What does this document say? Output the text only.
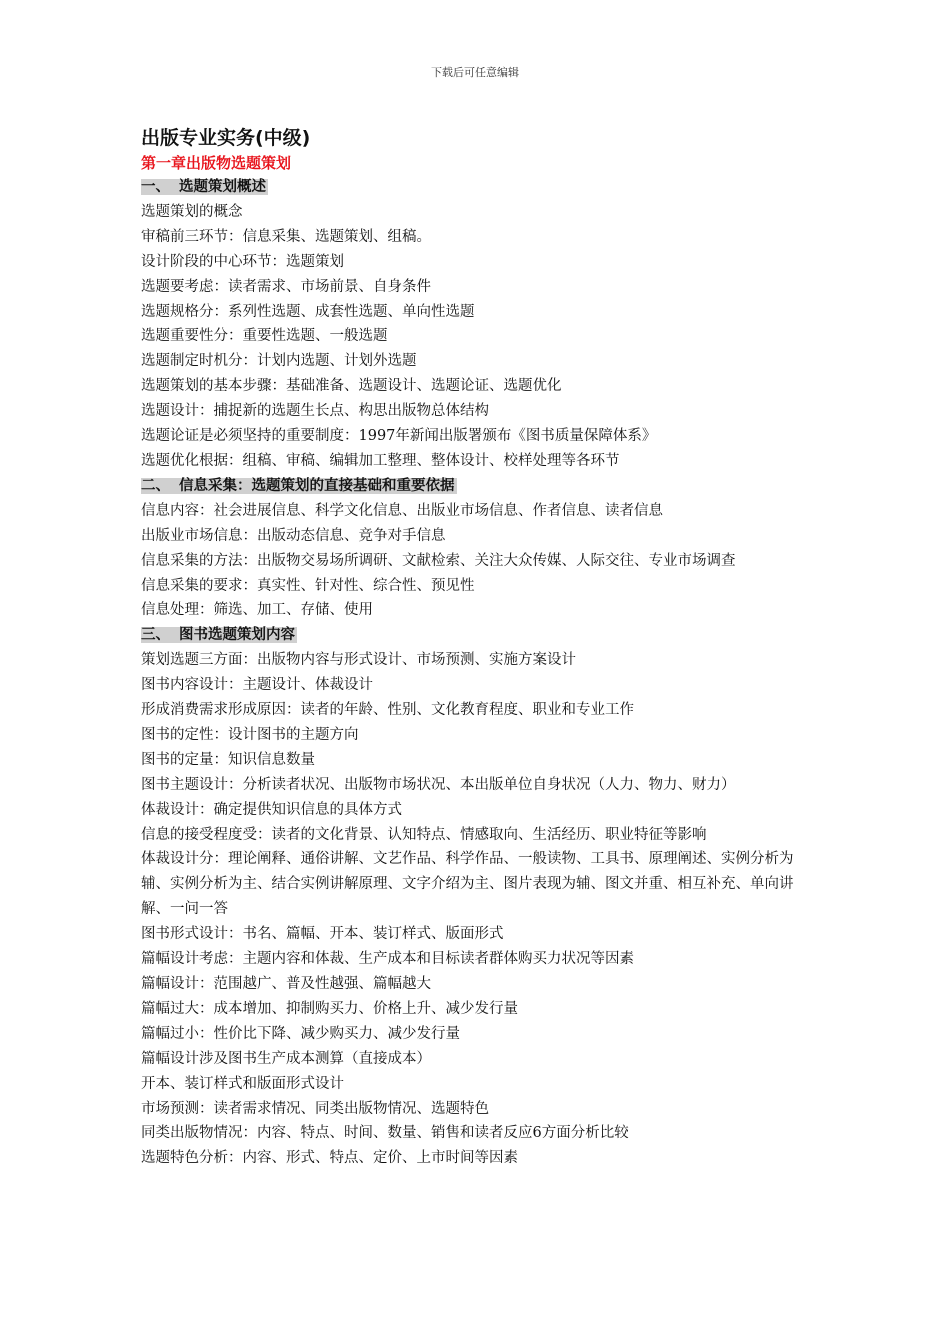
下载后可任意编辑
出版专业实务(中级)
第一章出版物选题策划
一、 选题策划概述

选题策划的概念

审稿前三环节：信息采集、选题策划、组稿。

设计阶段的中心环节：选题策划

选题要考虑：读者需求、市场前景、自身条件

选题规格分：系列性选题、成套性选题、单向性选题

选题重要性分：重要性选题、一般选题

选题制定时机分：计划内选题、计划外选题

选题策划的基本步骤：基础准备、选题设计、选题论证、选题优化

选题设计：捕捉新的选题生长点、构思出版物总体结构

选题论证是必须坚持的重要制度：1997年新闻出版署颁布《图书质量保障体系》

选题优化根据：组稿、审稿、编辑加工整理、整体设计、校样处理等各环节

二、 信息采集：选题策划的直接基础和重要依据

信息内容：社会进展信息、科学文化信息、出版业市场信息、作者信息、读者信息

出版业市场信息：出版动态信息、竞争对手信息

信息采集的方法：出版物交易场所调研、文献检索、关注大众传媒、人际交往、专业市场调查

信息采集的要求：真实性、针对性、综合性、预见性

信息处理：筛选、加工、存储、使用

三、 图书选题策划内容

策划选题三方面：出版物内容与形式设计、市场预测、实施方案设计

图书内容设计：主题设计、体裁设计

形成消费需求形成原因：读者的年龄、性别、文化教育程度、职业和专业工作

图书的定性：设计图书的主题方向

图书的定量：知识信息数量

图书主题设计：分析读者状况、出版物市场状况、本出版单位自身状况（人力、物力、财力）

体裁设计：确定提供知识信息的具体方式

信息的接受程度受：读者的文化背景、认知特点、情感取向、生活经历、职业特征等影响

体裁设计分：理论阐释、通俗讲解、文艺作品、科学作品、一般读物、工具书、原理阐述、实例分析为辅、实例分析为主、结合实例讲解原理、文字介绍为主、图片表现为辅、图文并重、相互补充、单向讲解、一问一答

图书形式设计：书名、篇幅、开本、装订样式、版面形式

篇幅设计考虑：主题内容和体裁、生产成本和目标读者群体购买力状况等因素

篇幅设计：范围越广、普及性越强、篇幅越大

篇幅过大：成本增加、抑制购买力、价格上升、减少发行量

篇幅过小：性价比下降、减少购买力、减少发行量

篇幅设计涉及图书生产成本测算（直接成本）

开本、装订样式和版面形式设计

市场预测：读者需求情况、同类出版物情况、选题特色

同类出版物情况：内容、特点、时间、数量、销售和读者反应6方面分析比较

选题特色分析：内容、形式、特点、定价、上市时间等因素
